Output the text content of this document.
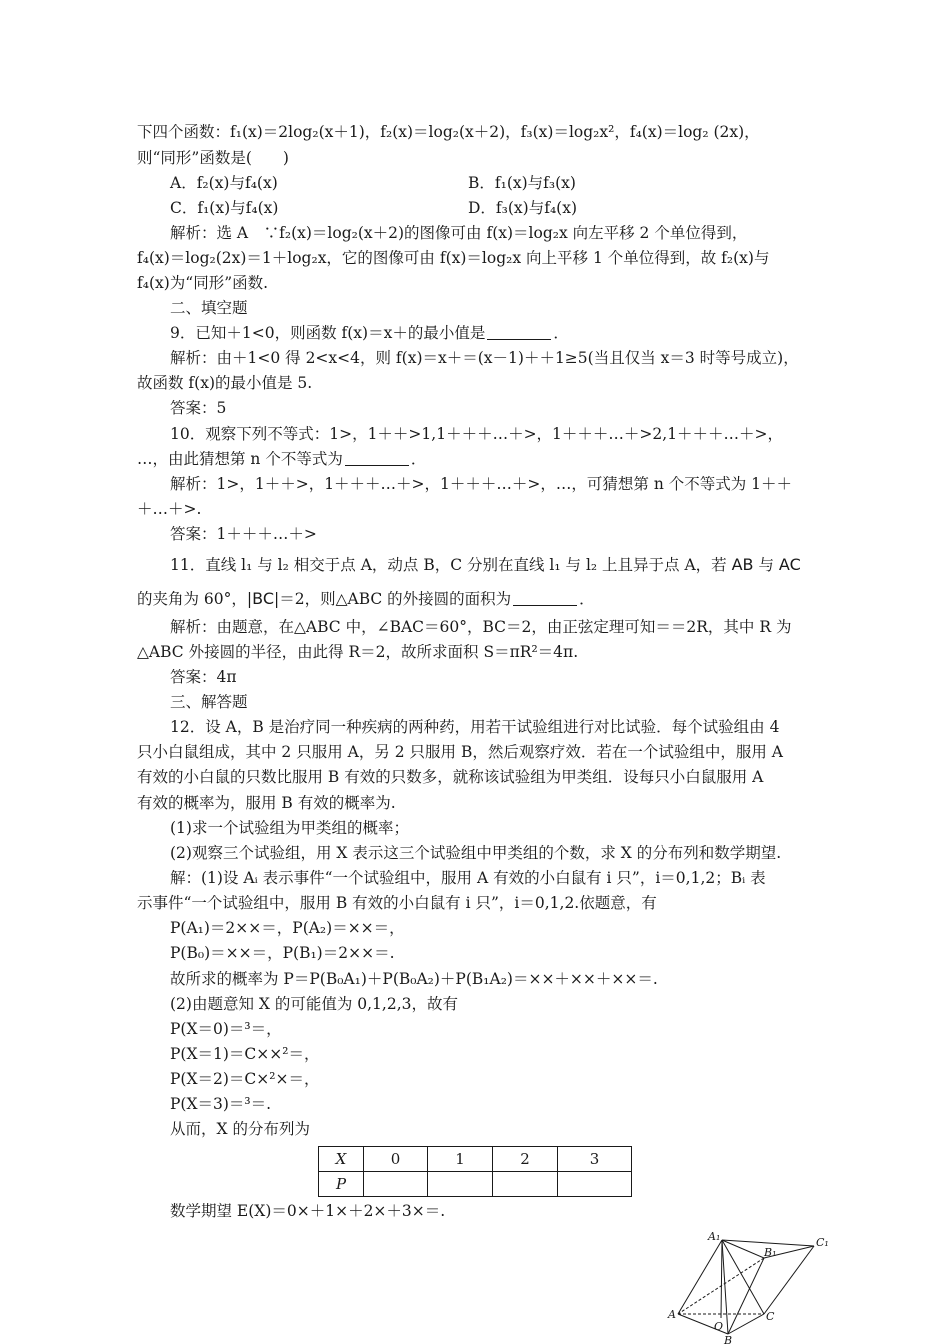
下四个函数：f₁(x)＝2log₂(x＋1)，f₂(x)＝log₂(x＋2)，f₃(x)＝log₂x²，f₄(x)＝log₂ (2x)，
则“同形”函数是(　　)
A．f₂(x)与f₄(x)	B．f₁(x)与f₃(x)
C．f₁(x)与f₄(x)	D．f₃(x)与f₄(x)
解析：选 A　∵f₂(x)＝log₂(x＋2)的图像可由 f(x)＝log₂x 向左平移 2 个单位得到，
f₄(x)＝log₂(2x)＝1＋log₂x，它的图像可由 f(x)＝log₂x 向上平移 1 个单位得到，故 f₂(x)与
f₄(x)为“同形”函数.
二、填空题
9．已知＋1<0，则函数 f(x)＝x＋的最小值是	．
解析：由＋1<0 得 2<x<4，则 f(x)＝x＋＝(x－1)＋＋1≥5(当且仅当 x＝3 时等号成立)，
故函数 f(x)的最小值是 5.
答案：5
10．观察下列不等式：1>，1＋＋>1,1＋＋＋…＋>，1＋＋＋…＋>2,1＋＋＋…＋>，
…，由此猜想第 n 个不等式为	．
解析：1>，1＋＋>，1＋＋＋…＋>，1＋＋＋…＋>，…，可猜想第 n 个不等式为 1＋＋
＋…＋>.
答案：1＋＋＋…＋>
11．直线 l₁ 与 l₂ 相交于点 A，动点 B，C 分别在直线 l₁ 与 l₂ 上且异于点 A，若 AB 与 AC
的夹角为 60°，|BC|＝2，则△ABC 的外接圆的面积为	．
解析：由题意，在△ABC 中，∠BAC＝60°，BC＝2，由正弦定理可知＝＝2R，其中 R 为
△ABC 外接圆的半径，由此得 R＝2，故所求面积 S＝πR²＝4π.
答案：4π
三、解答题
12．设 A，B 是治疗同一种疾病的两种药，用若干试验组进行对比试验．每个试验组由 4
只小白鼠组成，其中 2 只服用 A，另 2 只服用 B，然后观察疗效．若在一个试验组中，服用 A
有效的小白鼠的只数比服用 B 有效的只数多，就称该试验组为甲类组．设每只小白鼠服用 A
有效的概率为，服用 B 有效的概率为.
(1)求一个试验组为甲类组的概率；
(2)观察三个试验组，用 X 表示这三个试验组中甲类组的个数，求 X 的分布列和数学期望.
解：(1)设 Aᵢ 表示事件“一个试验组中，服用 A 有效的小白鼠有 i 只”，i＝0,1,2；Bᵢ 表
示事件“一个试验组中，服用 B 有效的小白鼠有 i 只”，i＝0,1,2.依题意，有
P(A₁)＝2××＝，P(A₂)＝××＝，
P(B₀)＝××＝，P(B₁)＝2××＝.
故所求的概率为 P＝P(B₀A₁)＋P(B₀A₂)＋P(B₁A₂)＝××＋××＋××＝.
(2)由题意知 X 的可能值为 0,1,2,3，故有
P(X＝0)＝³＝，
P(X＝1)＝C××²＝，
P(X＝2)＝C×²×＝，
P(X＝3)＝³＝.
从而，X 的分布列为
X	0	1	2	3
P				
数学期望 E(X)＝0×＋1×＋2×＋3×＝.
A₁
B₁
C₁
A
O
C
B
